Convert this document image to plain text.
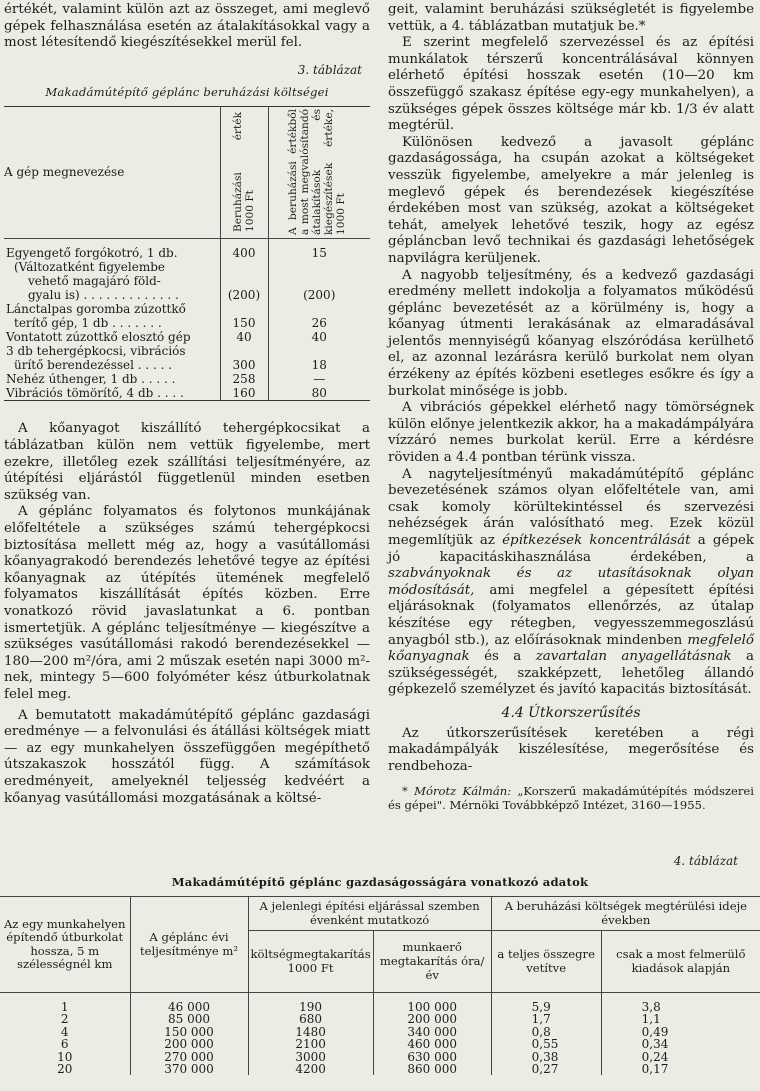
értékét, valamint külön azt az összeget, ami meglevő gépek felhasználása esetén az átalakításokkal vagy a most létesítendő kiegészítésekkel merül fel.

3. táblázat
Makadámútépítő géplánc beruházási költségei
A gép megnevezése	Beruházási érték 1000 Ft	A beruházási értékből a most megvalósítandó átalakítások és kiegészítések értéke, 1000 Ft

Egyengető forgókotró, 1 db.	400	15
(Változatként figyelembe		
vehető magajáró föld-		
gyalu is) . . . . . . . . . . . . .	(200)	(200)
Lánctalpas goromba zúzottkő		
terítő gép, 1 db . . . . . . .	150	26
Vontatott zúzottkő elosztó gép	40	40
3 db tehergépkocsi, vibrációs		
ürítő berendezéssel . . . . .	300	18
Nehéz úthenger, 1 db . . . . .	258	—
Vibrációs tömörítő, 4 db . . . .	160	80

A kőanyagot kiszállító tehergépkocsikat a táblázatban külön nem vettük figyelembe, mert ezekre, illetőleg ezek szállítási teljesítményére, az útépítési eljárástól függetlenül minden esetben szükség van.

A géplánc folyamatos és folytonos munkájának előfeltétele a szükséges számú tehergépkocsi biztosítása mellett még az, hogy a vasútállomási kőanyagrakodó berendezés lehetővé tegye az építési kőanyagnak az útépítés ütemének megfelelő folyamatos kiszállítását építés közben. Erre vonatkozó rövid javaslatunkat a 6. pontban ismertetjük. A géplánc teljesítménye — kiegészítve a szükséges vasútállomási rakodó berendezésekkel — 180—200 m²/óra, ami 2 műszak esetén napi 3000 m²-nek, mintegy 5—600 folyóméter kész útburkolatnak felel meg.

A bemutatott makadámútépítő géplánc gazdasági eredménye — a felvonulási és átállási költségek miatt — az egy munkahelyen összefüggően megépíthető útszakaszok hosszától függ. A számítások eredményeit, amelyeknél teljesség kedvéért a kőanyag vasútállomási mozgatásának a költsé-

geit, valamint beruházási szükségletét is figyelembe vettük, a 4. táblázatban mutatjuk be.*

E szerint megfelelő szervezéssel és az építési munkálatok térszerű koncentrálásával könnyen elérhető építési hosszak esetén (10—20 km összefüggő szakasz építése egy-egy munkahelyen), a szükséges gépek összes költsége már kb. 1/3 év alatt megtérül.

Különösen kedvező a javasolt géplánc gazdaságossága, ha csupán azokat a költségeket vesszük figyelembe, amelyekre a már jelenleg is meglevő gépek és berendezések kiegészítése érdekében most van szükség, azokat a költségeket tehát, amelyek lehetővé teszik, hogy az egész gépláncban levő technikai és gazdasági lehetőségek napvilágra kerüljenek.

A nagyobb teljesítmény, és a kedvező gazdasági eredmény mellett indokolja a folyamatos működésű géplánc bevezetését az a körülmény is, hogy a kőanyag útmenti lerakásának az elmaradásával jelentős mennyiségű kőanyag elszóródása kerülhető el, az azonnal lezárásra kerülő burkolat nem olyan érzékeny az építés közbeni esetleges esőkre és így a burkolat minősége is jobb.

A vibrációs gépekkel elérhető nagy tömörségnek külön előnye jelentkezik akkor, ha a makadámpályára vízzáró nemes burkolat kerül. Erre a kérdésre röviden a 4.4 pontban térünk vissza.

A nagyteljesítményű makadámútépítő géplánc bevezetésének számos olyan előfeltétele van, ami csak komoly körültekintéssel és szervezési nehézségek árán valósítható meg. Ezek közül megemlítjük az építkezések koncentrálását a gépek jó kapacitáskihasználása érdekében, a szabványoknak és az utasításoknak olyan módosítását, ami megfelel a gépesített építési eljárásoknak (folyamatos ellenőrzés, az útalap készítése egy rétegben, vegyesszemmegoszlású anyagból stb.), az előírásoknak mindenben megfelelő kőanyagnak és a zavartalan anyagellátásnak a szükségességét, szakképzett, lehetőleg állandó gépkezelő személyzet és javító kapacitás biztosítását.

4.4 Útkorszerűsítés

Az útkorszerűsítések keretében a régi makadámpályák kiszélesítése, megerősítése és rendbehoza-

* Mórotz Kálmán: „Korszerű makadámútépítés módszerei és gépei". Mérnöki Továbbképző Intézet, 3160—1955.

4. táblázat
Makadámútépítő géplánc gazdaságosságára vonatkozó adatok
Az egy munkahelyen építendő útburkolat hossza, 5 m szélességnél km	A géplánc évi teljesítménye m²	A jelenlegi építési eljárással szemben évenként mutatkozó		A beruházási költségek megtérülési ideje években	
		költségmegtakarítás 1000 Ft	munkaerő megtakarítás óra/év	a teljes összegre vetítve	csak a most felmerülő kiadások alapján

1	46 000	190	100 000	5,9	3,8
2	85 000	680	200 000	1,7	1,1
4	150 000	1480	340 000	0,8	0,49
6	200 000	2100	460 000	0,55	0,34
10	270 000	3000	630 000	0,38	0,24
20	370 000	4200	860 000	0,27	0,17
